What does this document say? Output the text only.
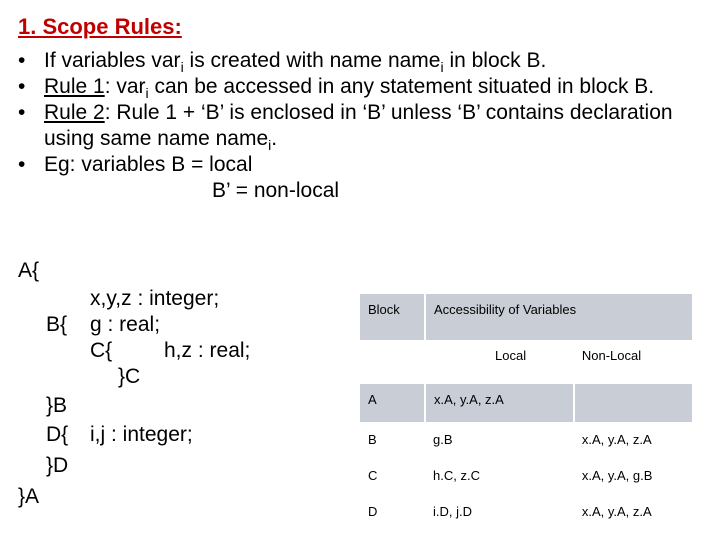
1. Scope Rules:
• If variables var$_i$ is created with name name$_i$ in block B.
• Rule 1: var$_i$ can be accessed in any statement situated in block B.
• Rule 2: Rule 1 + ‘B’ is enclosed in ‘B’ unless ‘B’ contains declaration using same name name$_i$.
• Eg: variables B = local
B’ = non-local
A{
x,y,z : integer;
B{ g : real;
C{ h,z : real;
}C
}B
D{ i,j : integer;
}D
}A
Block	Accessibility of Variables	
	Local	Non-Local
A	x.A, y.A, z.A	
B	g.B	x.A, y.A, z.A
C	h.C, z.C	x.A, y.A, g.B
D	i.D, j.D	x.A, y.A, z.A
